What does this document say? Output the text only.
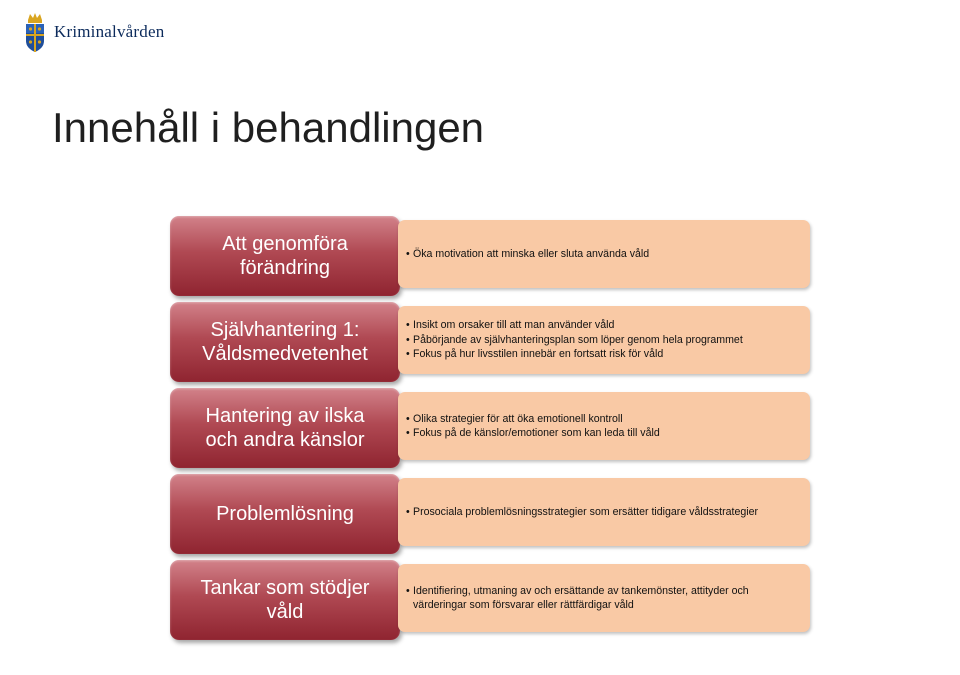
Kriminalvården
Innehåll i behandlingen
Att genomföra förändring
• Öka motivation att minska eller sluta använda våld
Självhantering 1: Våldsmedvetenhet
• Insikt om orsaker till att man använder våld
• Påbörjande av självhanteringsplan som löper genom hela programmet
• Fokus på hur livsstilen innebär en fortsatt risk för våld
Hantering av ilska och andra känslor
• Olika strategier för att öka emotionell kontroll
• Fokus på de känslor/emotioner som kan leda till våld
Problemlösning
•	Prosociala problemlösningsstrategier som ersätter tidigare våldsstrategier
Tankar som stödjer våld
• Identifiering, utmaning av och ersättande av tankemönster, attityder och värderingar som försvarar eller rättfärdigar våld
